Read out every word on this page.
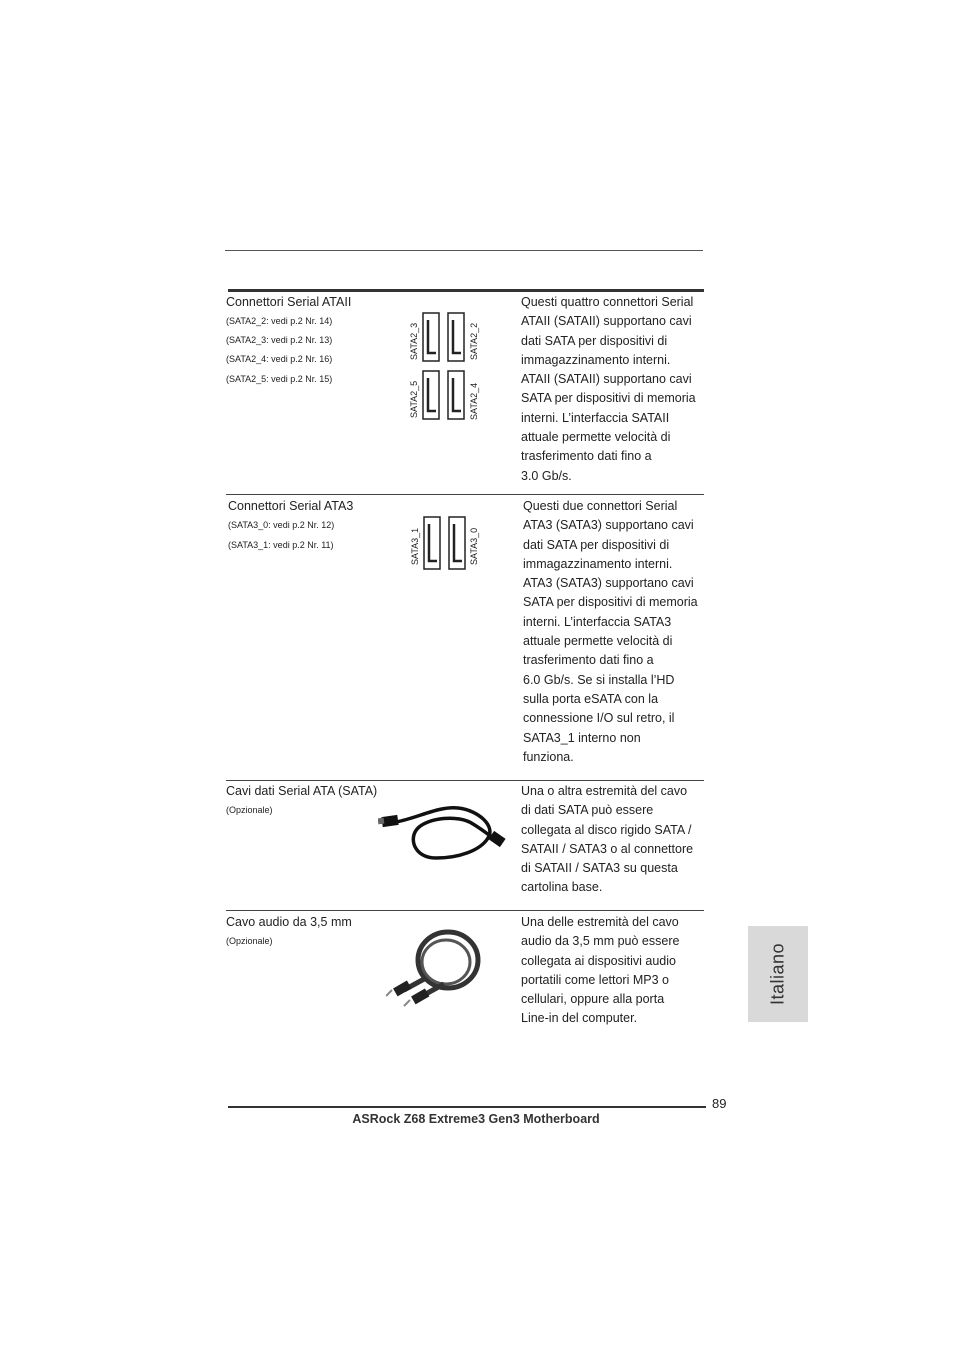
Connettori Serial ATAII
(SATA2_2: vedi p.2 Nr. 14)
(SATA2_3: vedi p.2 Nr. 13)
(SATA2_4: vedi p.2 Nr. 16)
(SATA2_5: vedi p.2 Nr. 15)
SATA2_3	SATA2_2
SATA2_5	SATA2_4
Questi quattro connettori Serial
ATAII (SATAII) supportano cavi
dati SATA per dispositivi di
immagazzinamento interni.
ATAII (SATAII) supportano cavi
SATA per dispositivi di memoria
interni. L’interfaccia SATAII
attuale permette velocità di
trasferimento dati fino a
3.0 Gb/s.
Connettori Serial ATA3
(SATA3_0: vedi p.2 Nr. 12)
(SATA3_1: vedi p.2 Nr. 11)	SATA3_1	SATA3_0
Questi due connettori Serial
ATA3 (SATA3) supportano cavi
dati SATA per dispositivi di
immagazzinamento interni.
ATA3 (SATA3) supportano cavi
SATA per dispositivi di memoria
interni. L’interfaccia SATA3
attuale permette velocità di
trasferimento dati fino a
6.0 Gb/s. Se si installa l’HD
sulla porta eSATA con la
connessione I/O sul retro, il
SATA3_1 interno non
funziona.
Cavi dati Serial ATA (SATA)
(Opzionale)
Una o altra estremità del cavo
di dati SATA può essere
collegata al disco rigido SATA /
SATAII / SATA3 o al connettore
di SATAII / SATA3 su questa
cartolina base.
Cavo audio da 3,5 mm
(Opzionale)
Una delle estremità del cavo
audio da 3,5 mm può essere
collegata ai dispositivi audio
portatili come lettori MP3 o
cellulari, oppure alla porta
Line-in del computer.
Italiano
89
ASRock Z68 Extreme3 Gen3 Motherboard
